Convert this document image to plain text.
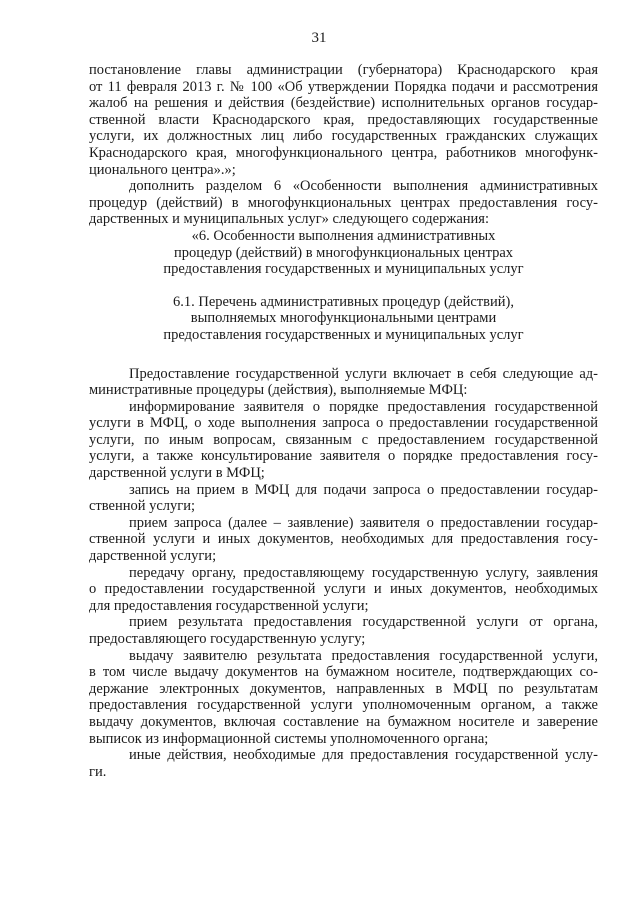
31
постановление главы администрации (губернатора) Краснодарского края
от 11 февраля 2013 г. № 100 «Об утверждении Порядка подачи и рассмотрения
жалоб на решения и действия (бездействие) исполнительных органов государ-
ственной власти Краснодарского края, предоставляющих государственные
услуги, их должностных лиц либо государственных гражданских служащих
Краснодарского края, многофункционального центра, работников многофунк-
ционального центра».»;
дополнить разделом 6 «Особенности выполнения административных
процедур (действий) в многофункциональных центрах предоставления госу-
дарственных и муниципальных услуг» следующего содержания:
«6. Особенности выполнения административных
процедур (действий) в многофункциональных центрах
предоставления государственных и муниципальных услуг
6.1. Перечень административных процедур (действий),
выполняемых многофункциональными центрами
предоставления государственных и муниципальных услуг
Предоставление государственной услуги включает в себя следующие ад-
министративные процедуры (действия), выполняемые МФЦ:
информирование заявителя о порядке предоставления государственной
услуги в МФЦ, о ходе выполнения запроса о предоставлении государственной
услуги, по иным вопросам, связанным с предоставлением государственной
услуги, а также консультирование заявителя о порядке предоставления госу-
дарственной услуги в МФЦ;
запись на прием в МФЦ для подачи запроса о предоставлении государ-
ственной услуги;
прием запроса (далее – заявление) заявителя о предоставлении государ-
ственной услуги и иных документов, необходимых для предоставления госу-
дарственной услуги;
передачу органу, предоставляющему государственную услугу, заявления
о предоставлении государственной услуги и иных документов, необходимых
для предоставления государственной услуги;
прием результата предоставления государственной услуги от органа,
предоставляющего государственную услугу;
выдачу заявителю результата предоставления государственной услуги,
в том числе выдачу документов на бумажном носителе, подтверждающих со-
держание электронных документов, направленных в МФЦ по результатам
предоставления государственной услуги уполномоченным органом, а также
выдачу документов, включая составление на бумажном носителе и заверение
выписок из информационной системы уполномоченного органа;
иные действия, необходимые для предоставления государственной услу-
ги.
